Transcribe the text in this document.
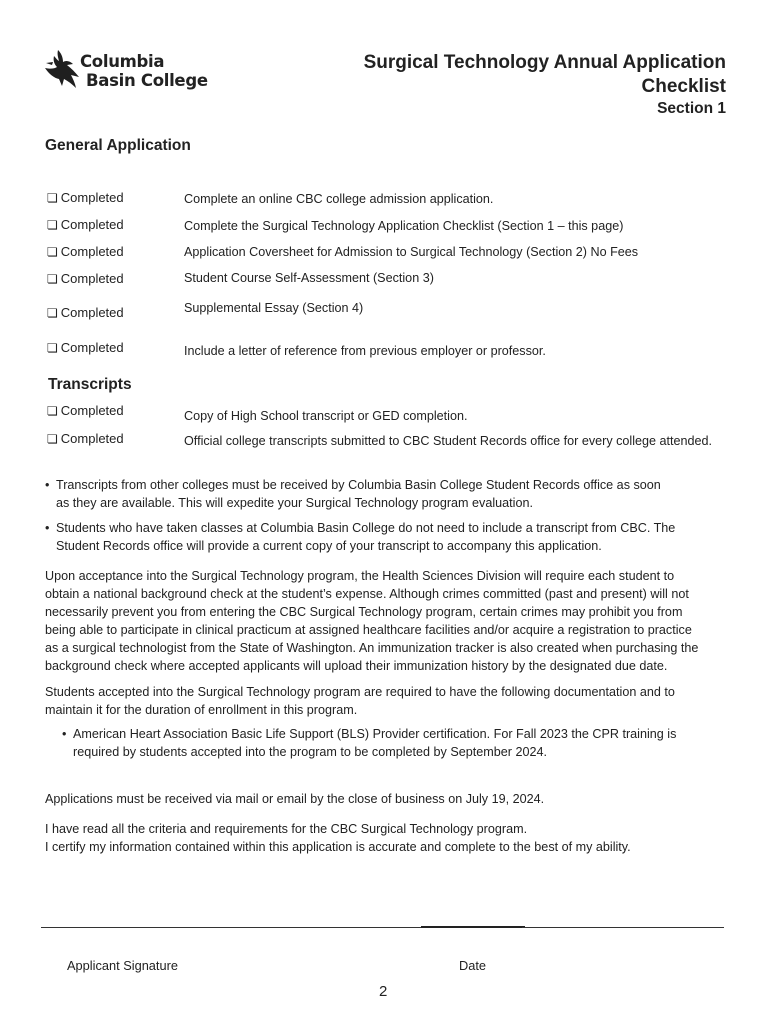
Columbia
Basin College
Surgical Technology Annual Application
Checklist
Section 1
General Application
❏ Completed	Complete an online CBC college admission application.
❏ Completed	Complete the Surgical Technology Application Checklist (Section 1 – this page)
❏ Completed	Application Coversheet for Admission to Surgical Technology (Section 2) No Fees
❏ Completed	Student Course Self-Assessment (Section 3)
❏ Completed	Supplemental Essay (Section 4)
❏ Completed	Include a letter of reference from previous employer or professor.
Transcripts
❏ Completed	Copy of High School transcript or GED completion.
❏ Completed	Official college transcripts submitted to CBC Student Records office for every college attended.
• Transcripts from other colleges must be received by Columbia Basin College Student Records office as soon
as they are available. This will expedite your Surgical Technology program evaluation.
• Students who have taken classes at Columbia Basin College do not need to include a transcript from CBC. The
Student Records office will provide a current copy of your transcript to accompany this application.
Upon acceptance into the Surgical Technology program, the Health Sciences Division will require each student to
obtain a national background check at the student’s expense. Although crimes committed (past and present) will not
necessarily prevent you from entering the CBC Surgical Technology program, certain crimes may prohibit you from
being able to participate in clinical practicum at assigned healthcare facilities and/or acquire a registration to practice
as a surgical technologist from the State of Washington. An immunization tracker is also created when purchasing the
background check where accepted applicants will upload their immunization history by the designated due date.
Students accepted into the Surgical Technology program are required to have the following documentation and to
maintain it for the duration of enrollment in this program.
• American Heart Association Basic Life Support (BLS) Provider certification. For Fall 2023 the CPR training is
required by students accepted into the program to be completed by September 2024.
Applications must be received via mail or email by the close of business on July 19, 2024.
I have read all the criteria and requirements for the CBC Surgical Technology program.
I certify my information contained within this application is accurate and complete to the best of my ability.
Applicant Signature	Date
2
